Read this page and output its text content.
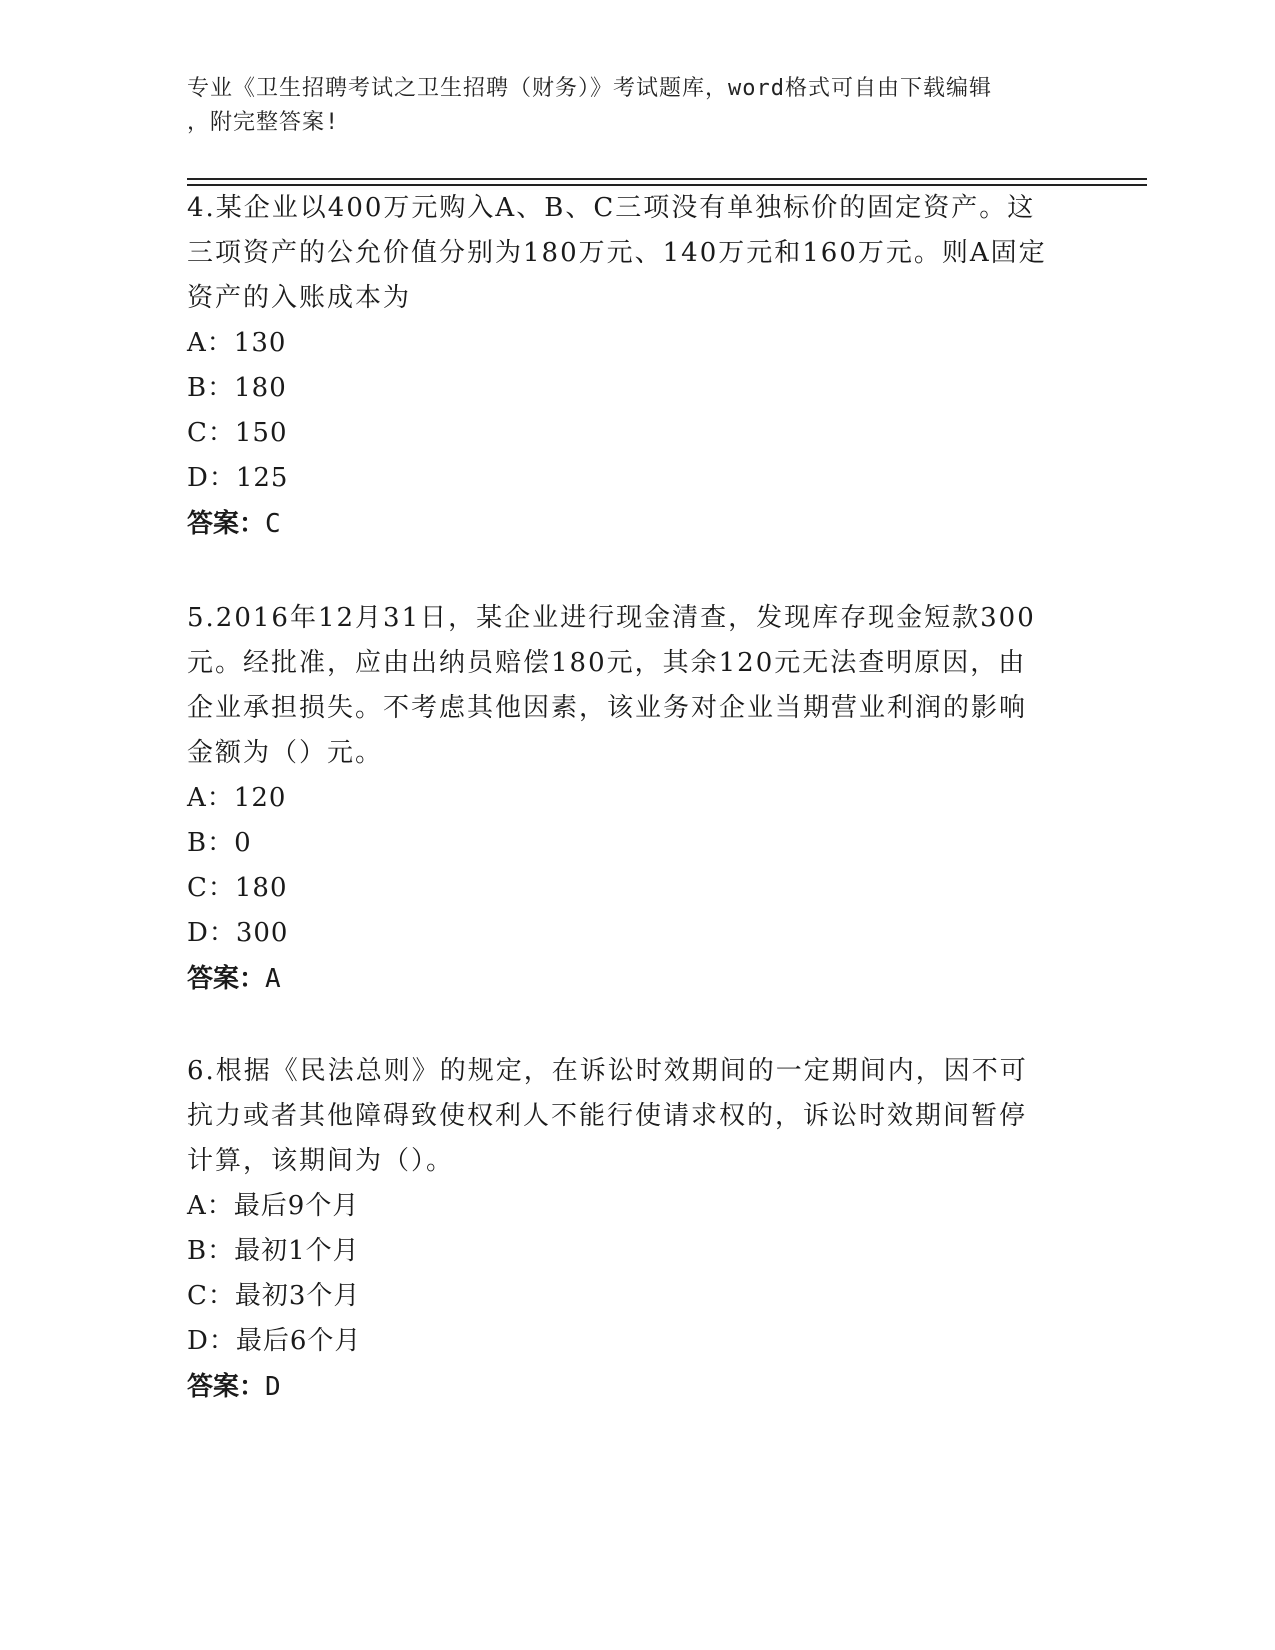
专业《卫生招聘考试之卫生招聘（财务）》考试题库，word格式可自由下载编辑

，附完整答案!

4.某企业以400万元购入A、B、C三项没有单独标价的固定资产。这
三项资产的公允价值分别为180万元、140万元和160万元。则A固定
资产的入账成本为

A：130

B：180

C：150

D：125

答案：C

5.2016年12月31日，某企业进行现金清查，发现库存现金短款300
元。经批准，应由出纳员赔偿180元，其余120元无法查明原因，由
企业承担损失。不考虑其他因素，该业务对企业当期营业利润的影响
金额为（）元。

A：120

B：0

C：180

D：300

答案：A

6.根据《民法总则》的规定，在诉讼时效期间的一定期间内，因不可
抗力或者其他障碍致使权利人不能行使请求权的，诉讼时效期间暂停
计算，该期间为（）。

A：最后9个月

B：最初1个月

C：最初3个月

D：最后6个月

答案：D
